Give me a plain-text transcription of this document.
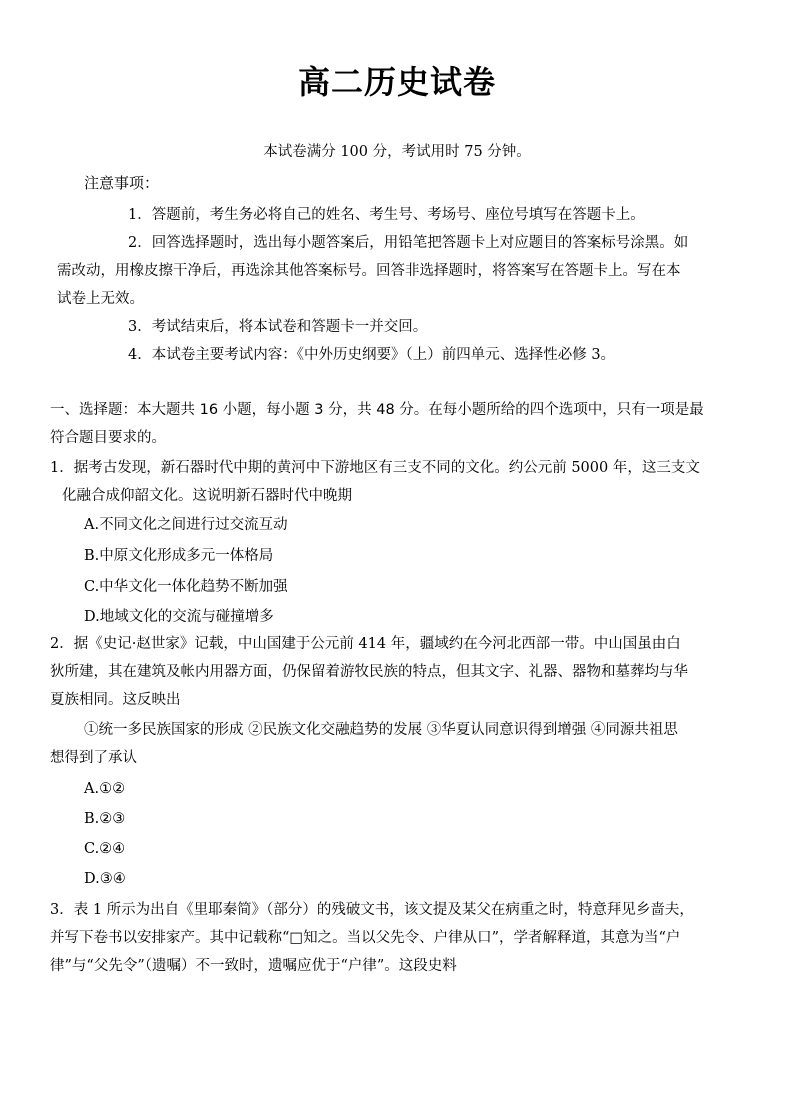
高二历史试卷
本试卷满分 100 分，考试用时 75 分钟。
注意事项：
1．答题前，考生务必将自己的姓名、考生号、考场号、座位号填写在答题卡上。
2．回答选择题时，选出每小题答案后，用铅笔把答题卡上对应题目的答案标号涂黑。如
需改动，用橡皮擦干净后，再选涂其他答案标号。回答非选择题时，将答案写在答题卡上。写在本
试卷上无效。
3．考试结束后，将本试卷和答题卡一并交回。
4．本试卷主要考试内容：《中外历史纲要》（上）前四单元、选择性必修 3。
一、选择题：本大题共 16 小题，每小题 3 分，共 48 分。在每小题所给的四个选项中，只有一项是最
符合题目要求的。
1．据考古发现，新石器时代中期的黄河中下游地区有三支不同的文化。约公元前 5000 年，这三支文
化融合成仰韶文化。这说明新石器时代中晚期
A.不同文化之间进行过交流互动
B.中原文化形成多元一体格局
C.中华文化一体化趋势不断加强
D.地域文化的交流与碰撞增多
2．据《史记·赵世家》记载，中山国建于公元前 414 年，疆域约在今河北西部一带。中山国虽由白
狄所建，其在建筑及帐内用器方面，仍保留着游牧民族的特点，但其文字、礼器、器物和墓葬均与华
夏族相同。这反映出
①统一多民族国家的形成 ②民族文化交融趋势的发展 ③华夏认同意识得到增强 ④同源共祖思
想得到了承认
A.①②
B.②③
C.②④
D.③④
3．表 1 所示为出自《里耶秦简》（部分）的残破文书，该文提及某父在病重之时，特意拜见乡啬夫，
并写下卷书以安排家产。其中记载称“□知之。当以父先令、户律从口”，学者解释道，其意为当“户
律”与“父先令”（遗嘱）不一致时，遗嘱应优于“户律”。这段史料
